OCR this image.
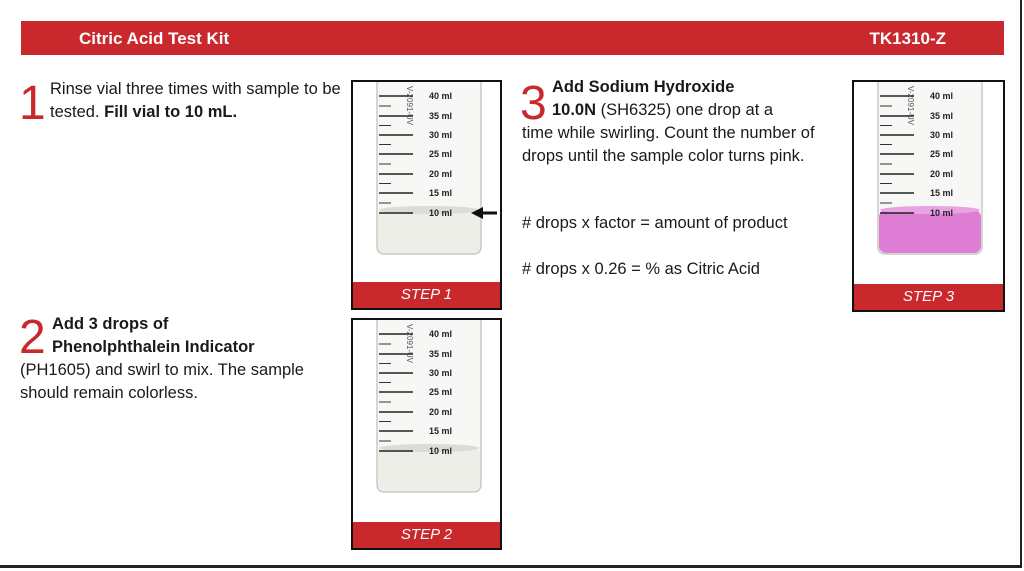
Citric Acid Test Kit	TK1310-Z
1 Rinse vial three times with sample to be tested. Fill vial to 10 mL.
2 Add 3 drops of
Phenolphthalein Indicator
(PH1605) and swirl to mix. The sample should remain colorless.
3 Add Sodium Hydroxide
10.0N (SH6325) one drop at a
time while swirling. Count the number of drops until the sample color turns pink.
# drops x factor = amount of product
# drops x 0.26 = % as Citric Acid
40 ml
35 ml
30 ml
25 ml
20 ml
15 ml
10 ml
V-2091-UV
STEP 1
40 ml
35 ml
30 ml
25 ml
20 ml
15 ml
10 ml
V-2091-UV
STEP 2
40 ml
35 ml
30 ml
25 ml
20 ml
15 ml
10 ml
V-2091-UV
STEP 3
